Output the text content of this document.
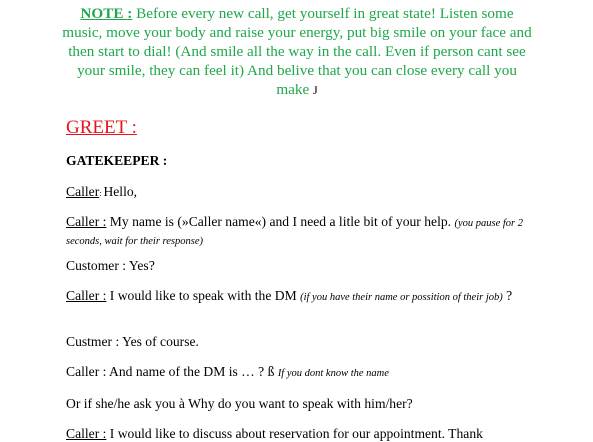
NOTE : Before every new call, get yourself in great state! Listen some music, move your body and raise your energy, put big smile on your face and then start to dial! (And smile all the way in the call. Even if person cant see your smile, they can feel it) And belive that you can close every call you make J
GREET :
GATEKEEPER :
Caller: Hello,
Caller : My name is (»Caller name«) and I need a litle bit of your help. (you pause for 2 seconds, wait for their response)
Customer : Yes?
Caller : I would like to speak with the DM (if you have their name or possition of their job) ?
Custmer : Yes of course.
Caller : And name of the DM is … ? ß If you dont know the name
Or if she/he ask you à Why do you want to speak with him/her?
Caller : I would like to discuss about reservation for our appointment. Thank
